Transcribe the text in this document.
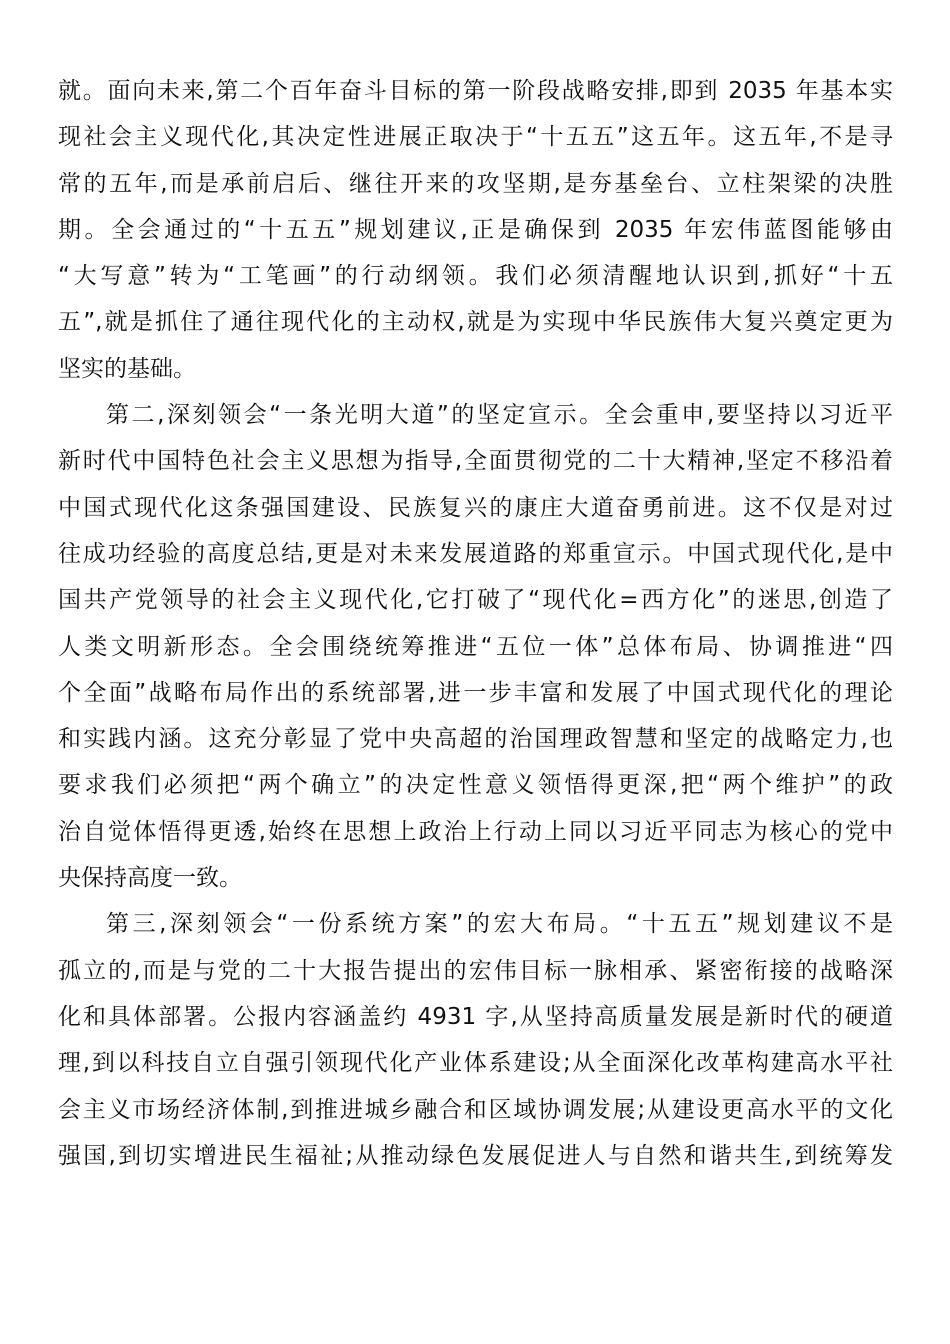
就。面向未来,第二个百年奋斗目标的第一阶段战略安排,即到 2035 年基本实
现社会主义现代化,其决定性进展正取决于“十五五”这五年。这五年,不是寻
常的五年,而是承前启后、继往开来的攻坚期,是夯基垒台、立柱架梁的决胜
期。全会通过的“十五五”规划建议,正是确保到 2035 年宏伟蓝图能够由
“大写意”转为“工笔画”的行动纲领。我们必须清醒地认识到,抓好“十五
五”,就是抓住了通往现代化的主动权,就是为实现中华民族伟大复兴奠定更为
坚实的基础。
第二,深刻领会“一条光明大道”的坚定宣示。全会重申,要坚持以习近平
新时代中国特色社会主义思想为指导,全面贯彻党的二十大精神,坚定不移沿着
中国式现代化这条强国建设、民族复兴的康庄大道奋勇前进。这不仅是对过
往成功经验的高度总结,更是对未来发展道路的郑重宣示。中国式现代化,是中
国共产党领导的社会主义现代化,它打破了“现代化=西方化”的迷思,创造了
人类文明新形态。全会围绕统筹推进“五位一体”总体布局、协调推进“四
个全面”战略布局作出的系统部署,进一步丰富和发展了中国式现代化的理论
和实践内涵。这充分彰显了党中央高超的治国理政智慧和坚定的战略定力,也
要求我们必须把“两个确立”的决定性意义领悟得更深,把“两个维护”的政
治自觉体悟得更透,始终在思想上政治上行动上同以习近平同志为核心的党中
央保持高度一致。
第三,深刻领会“一份系统方案”的宏大布局。“十五五”规划建议不是
孤立的,而是与党的二十大报告提出的宏伟目标一脉相承、紧密衔接的战略深
化和具体部署。公报内容涵盖约 4931 字,从坚持高质量发展是新时代的硬道
理,到以科技自立自强引领现代化产业体系建设;从全面深化改革构建高水平社
会主义市场经济体制,到推进城乡融合和区域协调发展;从建设更高水平的文化
强国,到切实增进民生福祉;从推动绿色发展促进人与自然和谐共生,到统筹发
